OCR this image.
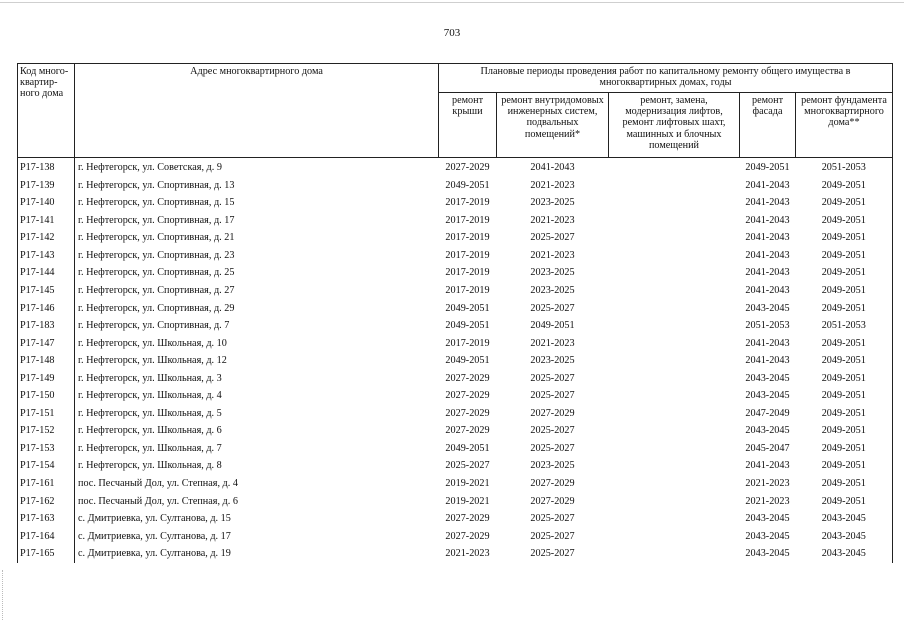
703
Код много-квартир-ного дома	Адрес многоквартирного дома	Плановые периоды проведения работ по капитальному ремонту общего имущества в многоквартирных домах, годы				
		ремонт крыши	ремонт внутридомовых инженерных систем, подвальных помещений*	ремонт, замена, модернизация лифтов, ремонт лифтовых шахт, машинных и блочных помещений	ремонт фасада	ремонт фундамента многоквартирного дома**
P17-138	г. Нефтегорск, ул. Советская, д. 9	2027-2029	2041-2043		2049-2051	2051-2053
P17-139	г. Нефтегорск, ул. Спортивная, д. 13	2049-2051	2021-2023		2041-2043	2049-2051
P17-140	г. Нефтегорск, ул. Спортивная, д. 15	2017-2019	2023-2025		2041-2043	2049-2051
P17-141	г. Нефтегорск, ул. Спортивная, д. 17	2017-2019	2021-2023		2041-2043	2049-2051
P17-142	г. Нефтегорск, ул. Спортивная, д. 21	2017-2019	2025-2027		2041-2043	2049-2051
P17-143	г. Нефтегорск, ул. Спортивная, д. 23	2017-2019	2021-2023		2041-2043	2049-2051
P17-144	г. Нефтегорск, ул. Спортивная, д. 25	2017-2019	2023-2025		2041-2043	2049-2051
P17-145	г. Нефтегорск, ул. Спортивная, д. 27	2017-2019	2023-2025		2041-2043	2049-2051
P17-146	г. Нефтегорск, ул. Спортивная, д. 29	2049-2051	2025-2027		2043-2045	2049-2051
P17-183	г. Нефтегорск, ул. Спортивная, д. 7	2049-2051	2049-2051		2051-2053	2051-2053
P17-147	г. Нефтегорск, ул. Школьная, д. 10	2017-2019	2021-2023		2041-2043	2049-2051
P17-148	г. Нефтегорск, ул. Школьная, д. 12	2049-2051	2023-2025		2041-2043	2049-2051
P17-149	г. Нефтегорск, ул. Школьная, д. 3	2027-2029	2025-2027		2043-2045	2049-2051
P17-150	г. Нефтегорск, ул. Школьная, д. 4	2027-2029	2025-2027		2043-2045	2049-2051
P17-151	г. Нефтегорск, ул. Школьная, д. 5	2027-2029	2027-2029		2047-2049	2049-2051
P17-152	г. Нефтегорск, ул. Школьная, д. 6	2027-2029	2025-2027		2043-2045	2049-2051
P17-153	г. Нефтегорск, ул. Школьная, д. 7	2049-2051	2025-2027		2045-2047	2049-2051
P17-154	г. Нефтегорск, ул. Школьная, д. 8	2025-2027	2023-2025		2041-2043	2049-2051
P17-161	пос. Песчаный Дол, ул. Степная, д. 4	2019-2021	2027-2029		2021-2023	2049-2051
P17-162	пос. Песчаный Дол, ул. Степная, д. 6	2019-2021	2027-2029		2021-2023	2049-2051
P17-163	с. Дмитриевка, ул. Султанова, д. 15	2027-2029	2025-2027		2043-2045	2043-2045
P17-164	с. Дмитриевка, ул. Султанова, д. 17	2027-2029	2025-2027		2043-2045	2043-2045
P17-165	с. Дмитриевка, ул. Султанова, д. 19	2021-2023	2025-2027		2043-2045	2043-2045
